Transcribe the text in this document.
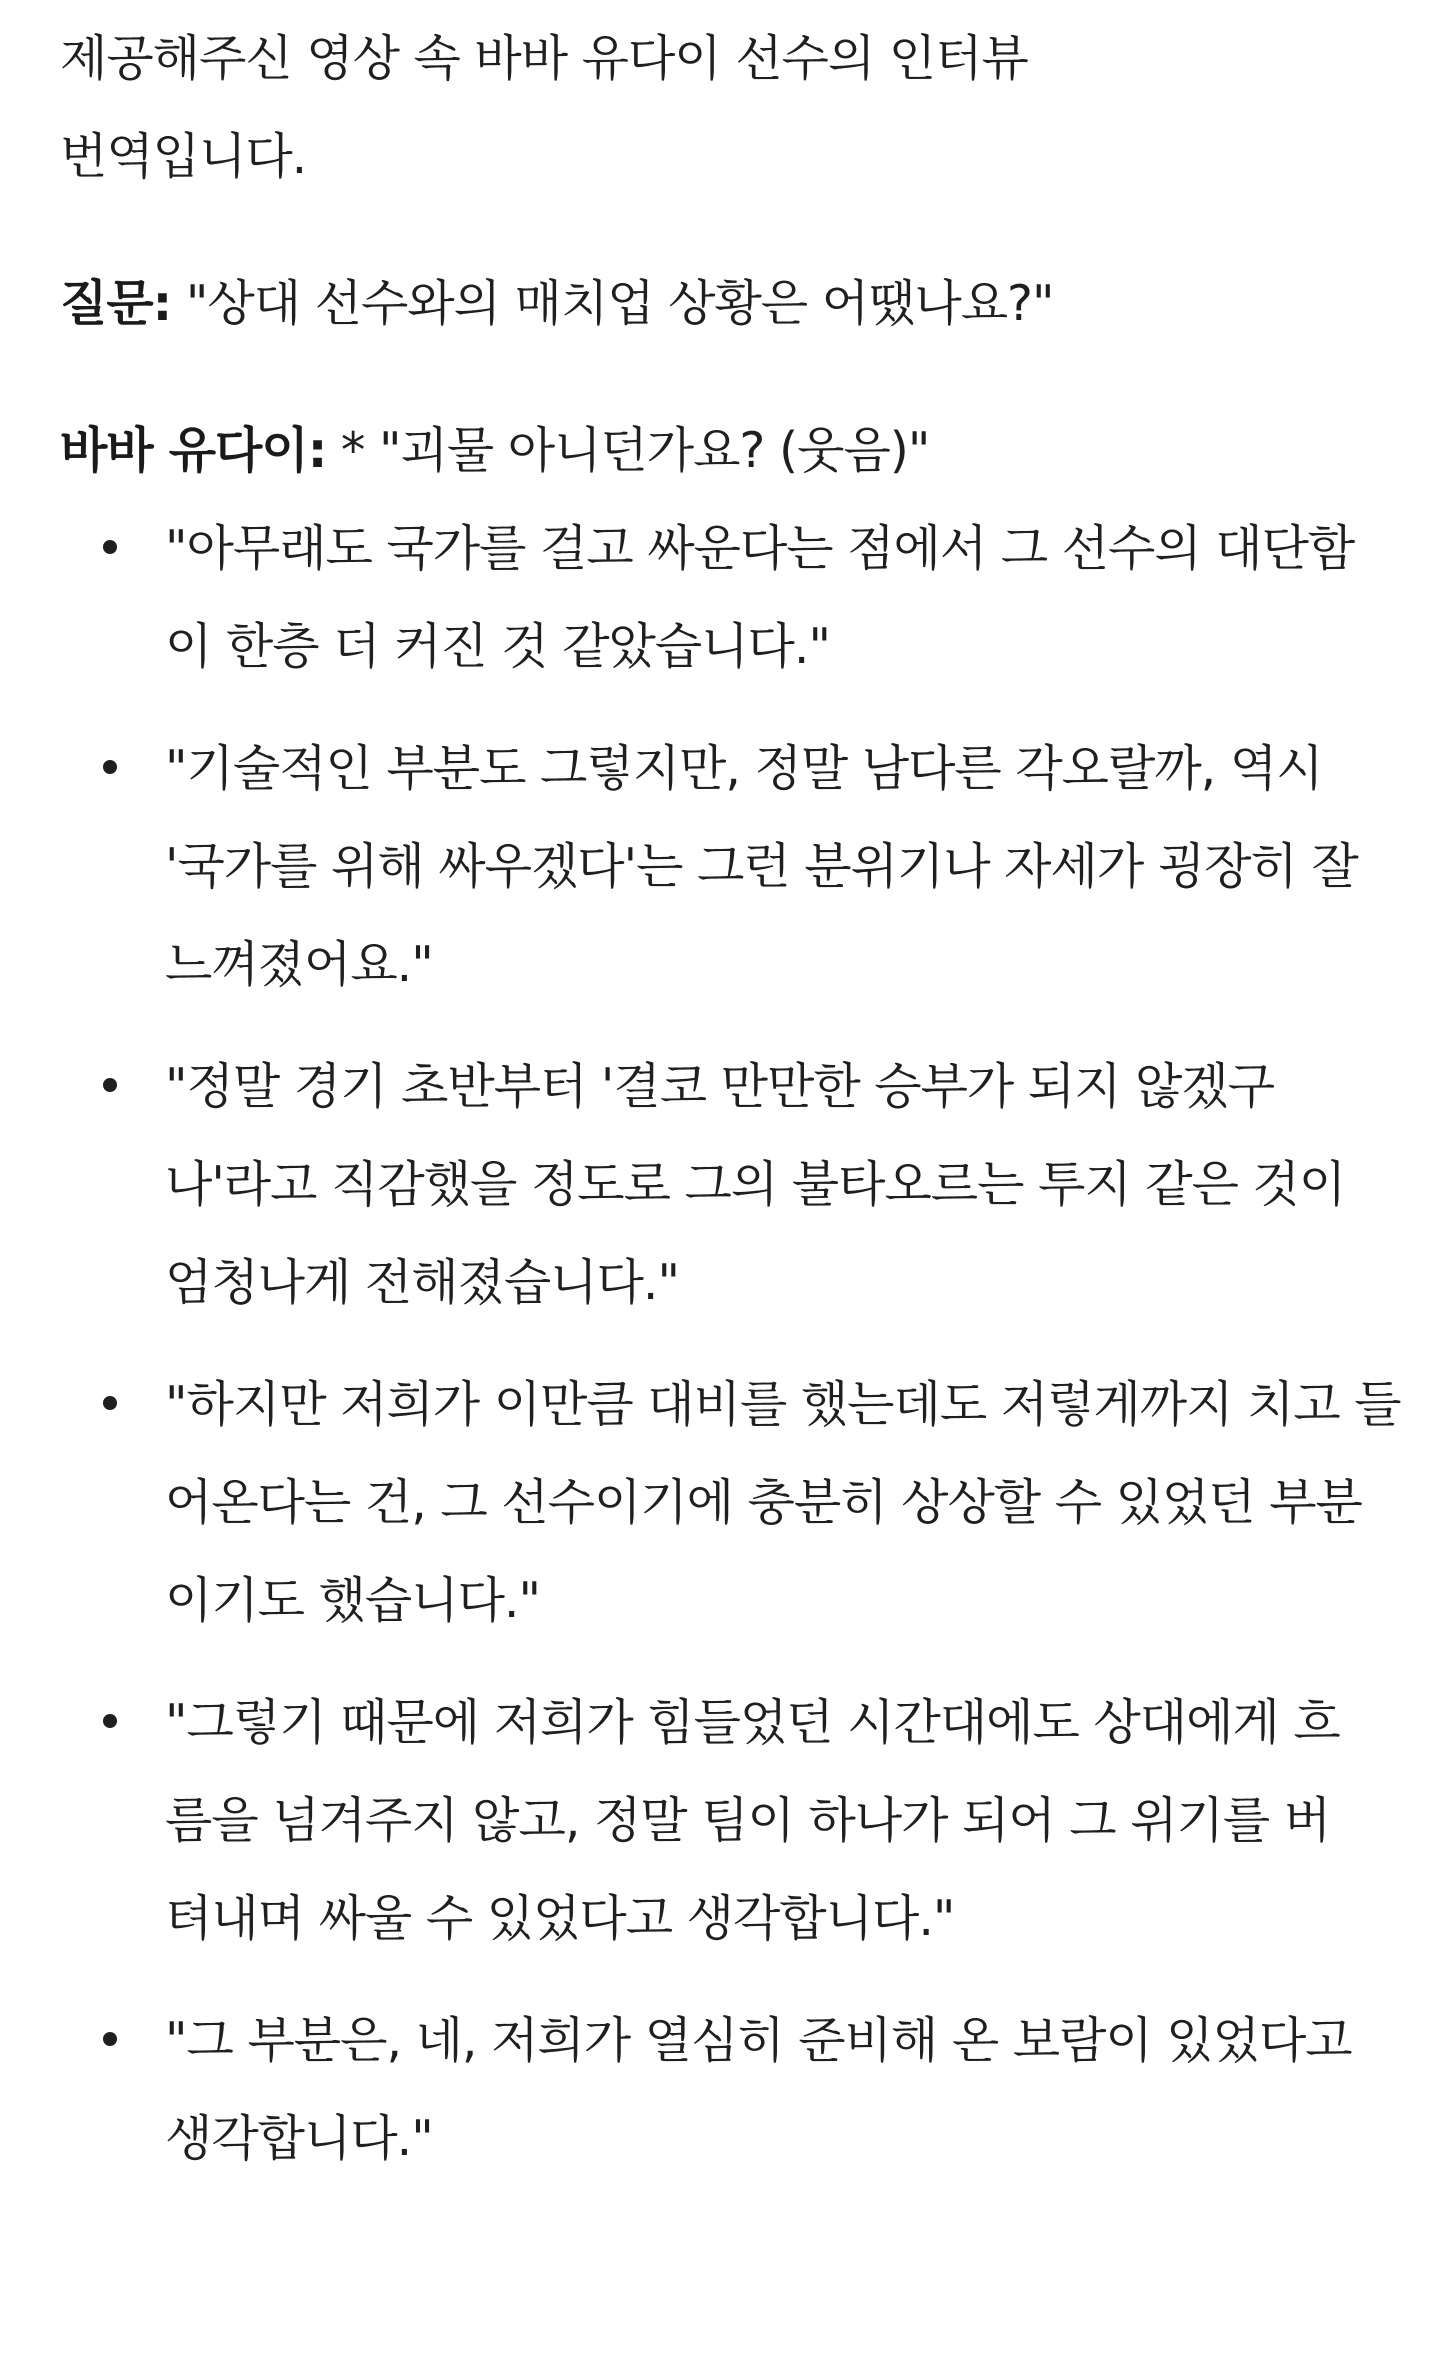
제공해주신 영상 속 바바 유다이 선수의 인터뷰
번역입니다.

질문: "상대 선수와의 매치업 상황은 어땠나요?"

바바 유다이: * "괴물 아니던가요? (웃음)"

"아무래도 국가를 걸고 싸운다는 점에서 그 선수의 대단함이 한층 더 커진 것 같았습니다."
"기술적인 부분도 그렇지만, 정말 남다른 각오랄까, 역시 '국가를 위해 싸우겠다'는 그런 분위기나 자세가 굉장히 잘 느껴졌어요."
"정말 경기 초반부터 '결코 만만한 승부가 되지 않겠구나'라고 직감했을 정도로 그의 불타오르는 투지 같은 것이 엄청나게 전해졌습니다."
"하지만 저희가 이만큼 대비를 했는데도 저렇게까지 치고 들어온다는 건, 그 선수이기에 충분히 상상할 수 있었던 부분이기도 했습니다."
"그렇기 때문에 저희가 힘들었던 시간대에도 상대에게 흐름을 넘겨주지 않고, 정말 팀이 하나가 되어 그 위기를 버텨내며 싸울 수 있었다고 생각합니다."
"그 부분은, 네, 저희가 열심히 준비해 온 보람이 있었다고 생각합니다."
